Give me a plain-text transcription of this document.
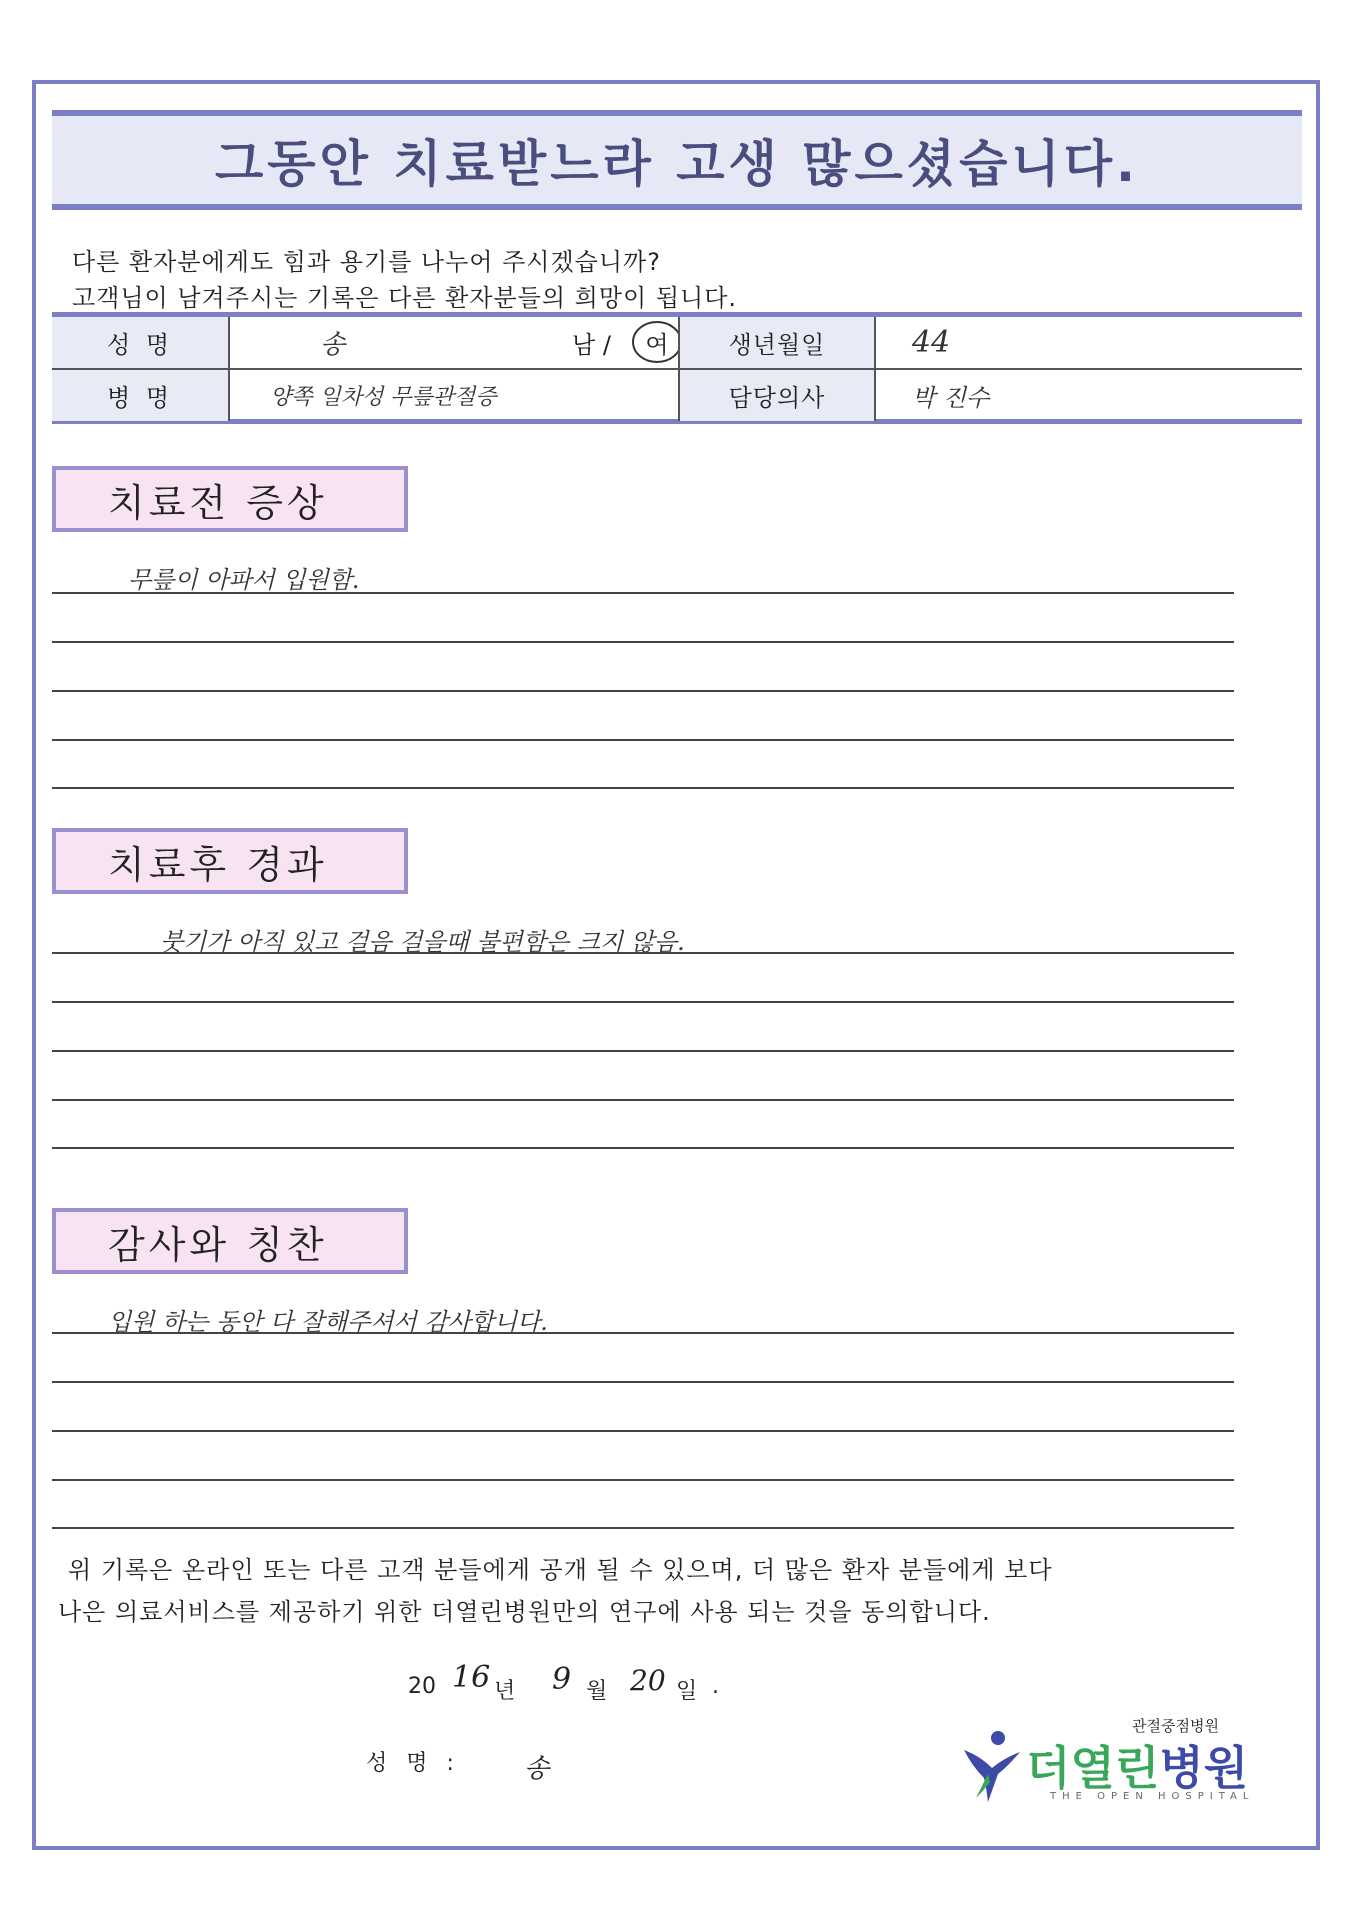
그동안 치료받느라 고생 많으셨습니다.
다른 환자분에게도 힘과 용기를 나누어 주시겠습니까?
고객님이 남겨주시는 기록은 다른 환자분들의 희망이 됩니다.
성 명	송	남 /	여	생년월일	44
병 명	양쪽 일차성 무릎관절증	담당의사	박 진수
치료전 증상
무릎이 아파서 입원함.
치료후 경과
붓기가 아직 있고 걸음 걸을때 불편함은 크지 않음.
감사와 칭찬
입원 하는 동안 다 잘해주셔서 감사합니다.
위 기록은 온라인 또는 다른 고객 분들에게 공개 될 수 있으며, 더 많은 환자 분들에게 보다
나은 의료서비스를 제공하기 위한 더열린병원만의 연구에 사용 되는 것을 동의합니다.
20 16 년 9 월 20 일 .
성 명 : 송
관절중점병원
더열린병원
THE OPEN HOSPITAL
